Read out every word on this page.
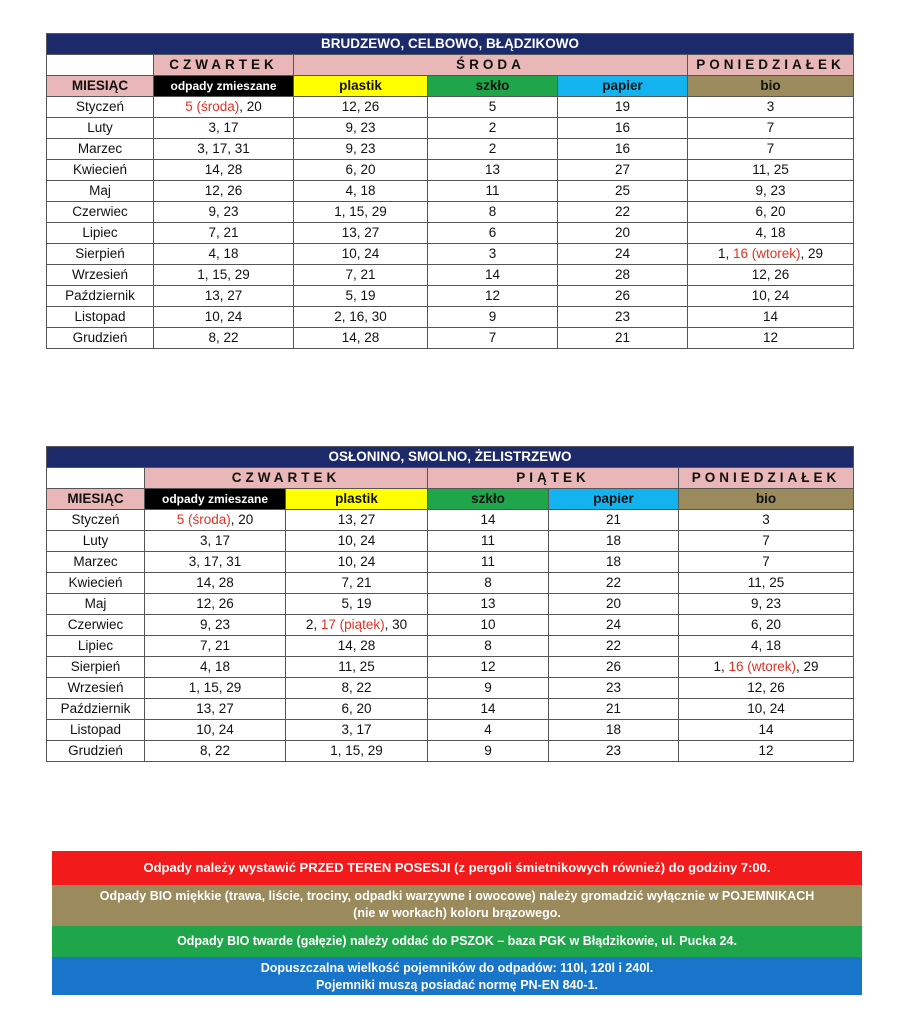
BRUDZEWO, CELBOWO, BŁĄDZIKOWO					
	CZWARTEK	ŚRODA			PONIEDZIAŁEK
MIESIĄC	odpady zmieszane	plastik	szkło	papier	bio
Styczeń	5 (środa), 20	12, 26	5	19	3
Luty	3, 17	9, 23	2	16	7
Marzec	3, 17, 31	9, 23	2	16	7
Kwiecień	14, 28	6, 20	13	27	11, 25
Maj	12, 26	4, 18	11	25	9, 23
Czerwiec	9, 23	1, 15, 29	8	22	6, 20
Lipiec	7, 21	13, 27	6	20	4, 18
Sierpień	4, 18	10, 24	3	24	1, 16 (wtorek), 29
Wrzesień	1, 15, 29	7, 21	14	28	12, 26
Październik	13, 27	5, 19	12	26	10, 24
Listopad	10, 24	2, 16, 30	9	23	14
Grudzień	8, 22	14, 28	7	21	12
OSŁONINO, SMOLNO, ŻELISTRZEWO					
	CZWARTEK		PIĄTEK		PONIEDZIAŁEK
MIESIĄC	odpady zmieszane	plastik	szkło	papier	bio
Styczeń	5 (środa), 20	13, 27	14	21	3
Luty	3, 17	10, 24	11	18	7
Marzec	3, 17, 31	10, 24	11	18	7
Kwiecień	14, 28	7, 21	8	22	11, 25
Maj	12, 26	5, 19	13	20	9, 23
Czerwiec	9, 23	2, 17 (piątek), 30	10	24	6, 20
Lipiec	7, 21	14, 28	8	22	4, 18
Sierpień	4, 18	11, 25	12	26	1, 16 (wtorek), 29
Wrzesień	1, 15, 29	8, 22	9	23	12, 26
Październik	13, 27	6, 20	14	21	10, 24
Listopad	10, 24	3, 17	4	18	14
Grudzień	8, 22	1, 15, 29	9	23	12
Odpady należy wystawić PRZED TEREN POSESJI (z pergoli śmietnikowych również) do godziny 7:00.
Odpady BIO miękkie (trawa, liście, trociny, odpadki warzywne i owocowe) należy gromadzić wyłącznie w POJEMNIKACH
(nie w workach) koloru brązowego.
Odpady BIO twarde (gałęzie) należy oddać do PSZOK – baza PGK w Błądzikowie, ul. Pucka 24.
Dopuszczalna wielkość pojemników do odpadów: 110l, 120l i 240l.
Pojemniki muszą posiadać normę PN-EN 840-1.
